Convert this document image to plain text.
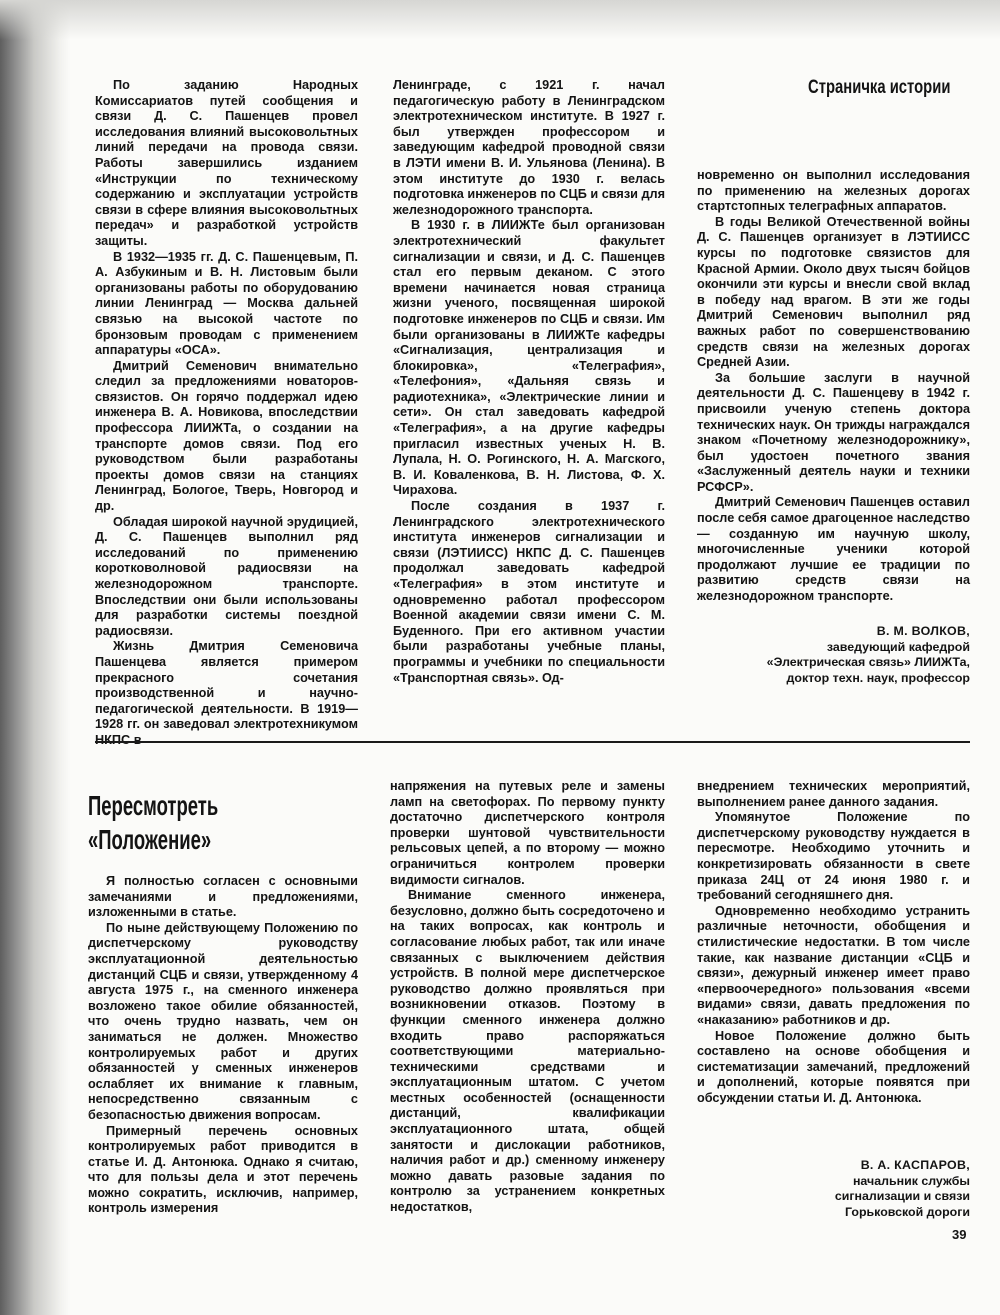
Страничка истории

По заданию Народных Комиссариатов путей сообщения и связи Д. С. Пашенцев провел исследования влияний высоковольтных линий передачи на провода связи. Работы завершились изданием «Инструкции по техническому содержанию и эксплуатации устройств связи в сфере влияния высоковольтных передач» и разработкой устройств защиты.

В 1932—1935 гг. Д. С. Пашенцевым, П. А. Азбукиным и В. Н. Листовым были организованы работы по оборудованию линии Ленинград — Москва дальней связью на высокой частоте по бронзовым проводам с применением аппаратуры «ОСА».

Дмитрий Семенович внимательно следил за предложениями новаторов-связистов. Он горячо поддержал идею инженера В. А. Новикова, впоследствии профессора ЛИИЖТа, о создании на транспорте домов связи. Под его руководством были разработаны проекты домов связи на станциях Ленинград, Бологое, Тверь, Новгород и др.

Обладая широкой научной эрудицией, Д. С. Пашенцев выполнил ряд исследований по применению коротковолновой радиосвязи на железнодорожном транспорте. Впоследствии они были использованы для разработки системы поездной радиосвязи.

Жизнь Дмитрия Семеновича Пашенцева является примером прекрасного сочетания производственной и научно-педагогической деятельности. В 1919—1928 гг. он заведовал электротехникумом НКПС в

Ленинграде, с 1921 г. начал педагогическую работу в Ленинградском электротехническом институте. В 1927 г. был утвержден профессором и заведующим кафедрой проводной связи в ЛЭТИ имени В. И. Ульянова (Ленина). В этом институте до 1930 г. велась подготовка инженеров по СЦБ и связи для железнодорожного транспорта.

В 1930 г. в ЛИИЖТе был организован электротехнический факультет сигнализации и связи, и Д. С. Пашенцев стал его первым деканом. С этого времени начинается новая страница жизни ученого, посвященная широкой подготовке инженеров по СЦБ и связи. Им были организованы в ЛИИЖТе кафедры «Сигнализация, централизация и блокировка», «Телеграфия», «Телефония», «Дальняя связь и радиотехника», «Электрические линии и сети». Он стал заведовать кафедрой «Телеграфия», а на другие кафедры пригласил известных ученых Н. В. Лупала, Н. О. Рогинского, Н. А. Магского, В. И. Коваленкова, В. Н. Листова, Ф. Х. Чирахова.

После создания в 1937 г. Ленинградского электротехнического института инженеров сигнализации и связи (ЛЭТИИСС) НКПС Д. С. Пашенцев продолжал заведовать кафедрой «Телеграфия» в этом институте и одновременно работал профессором Военной академии связи имени С. М. Буденного. При его активном участии были разработаны учебные планы, программы и учебники по специальности «Транспортная связь». Од-

новременно он выполнил исследования по применению на железных дорогах стартстопных телеграфных аппаратов.

В годы Великой Отечественной войны Д. С. Пашенцев организует в ЛЭТИИСС курсы по подготовке связистов для Красной Армии. Около двух тысяч бойцов окончили эти курсы и внесли свой вклад в победу над врагом. В эти же годы Дмитрий Семенович выполнил ряд важных работ по совершенствованию средств связи на железных дорогах Средней Азии.

За большие заслуги в научной деятельности Д. С. Пашенцеву в 1942 г. присвоили ученую степень доктора технических наук. Он трижды награждался знаком «Почетному железнодорожнику», был удостоен почетного звания «Заслуженный деятель науки и техники РСФСР».

Дмитрий Семенович Пашенцев оставил после себя самое драгоценное наследство — созданную им научную школу, многочисленные ученики которой продолжают лучшие ее традиции по развитию средств связи на железнодорожном транспорте.

В. М. ВОЛКОВ,
заведующий кафедрой
«Электрическая связь» ЛИИЖТа,
доктор техн. наук, профессор
Пересмотреть
«Положение»

Я полностью согласен с основными замечаниями и предложениями, изложенными в статье.

По ныне действующему Положению по диспетчерскому руководству эксплуатационной деятельностью дистанций СЦБ и связи, утвержденному 4 августа 1975 г., на сменного инженера возложено такое обилие обязанностей, что очень трудно назвать, чем он заниматься не должен. Множество контролируемых работ и других обязанностей у сменных инженеров ослабляет их внимание к главным, непосредственно связанным с безопасностью движения вопросам.

Примерный перечень основных контролируемых работ приводится в статье И. Д. Антонюка. Однако я считаю, что для пользы дела и этот перечень можно сократить, исключив, например, контроль измерения

напряжения на путевых реле и замены ламп на светофорах. По первому пункту достаточно диспетчерского контроля проверки шунтовой чувствительности рельсовых цепей, а по второму — можно ограничиться контролем проверки видимости сигналов.

Внимание сменного инженера, безусловно, должно быть сосредоточено и на таких вопросах, как контроль и согласование любых работ, так или иначе связанных с выключением действия устройств. В полной мере диспетчерское руководство должно проявляться при возникновении отказов. Поэтому в функции сменного инженера должно входить право распоряжаться соответствующими материально-техническими средствами и эксплуатационным штатом. С учетом местных особенностей (оснащенности дистанций, квалификации эксплуатационного штата, общей занятости и дислокации работников, наличия работ и др.) сменному инженеру можно давать разовые задания по контролю за устранением конкретных недостатков,

внедрением технических мероприятий, выполнением ранее данного задания.

Упомянутое Положение по диспетчерскому руководству нуждается в пересмотре. Необходимо уточнить и конкретизировать обязанности в свете приказа 24Ц от 24 июня 1980 г. и требований сегодняшнего дня.

Одновременно необходимо устранить различные неточности, обобщения и стилистические недостатки. В том числе такие, как название дистанции «СЦБ и связи», дежурный инженер имеет право «первоочередного» пользования «всеми видами» связи, давать предложения по «наказанию» работников и др.

Новое Положение должно быть составлено на основе обобщения и систематизации замечаний, предложений и дополнений, которые появятся при обсуждении статьи И. Д. Антонюка.

В. А. КАСПАРОВ,
начальник службы
сигнализации и связи
Горьковской дороги
39
